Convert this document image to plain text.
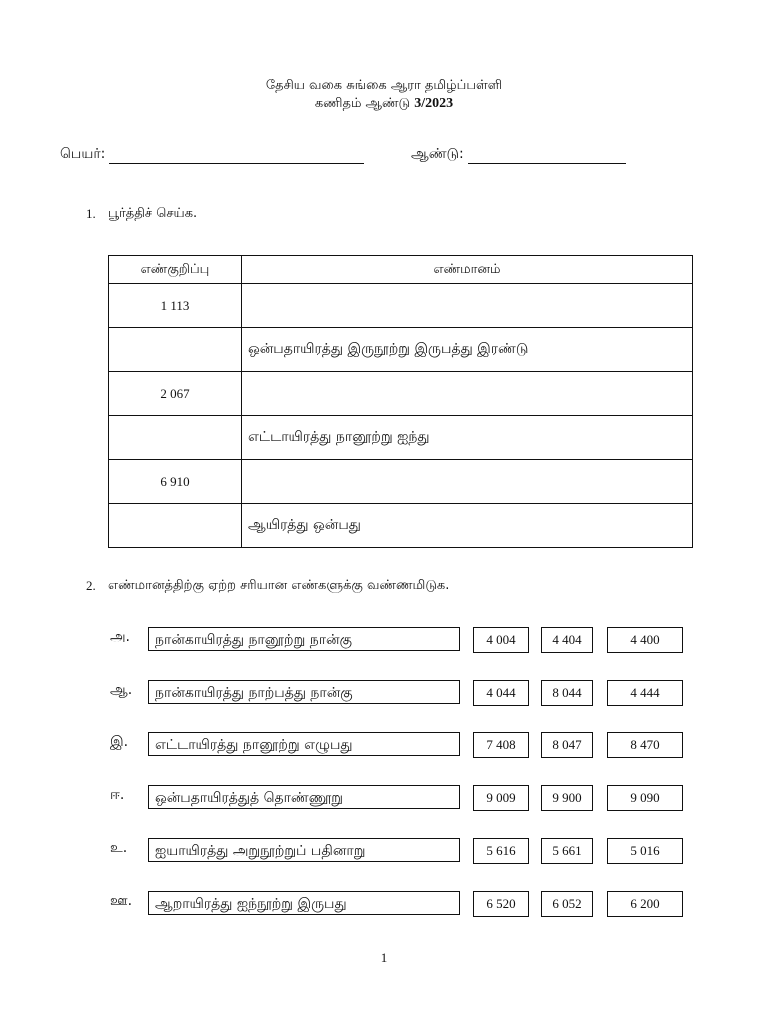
தேசிய வகை சுங்கை ஆரா தமிழ்ப்பள்ளி
கணிதம் ஆண்டு 3/2023
பெயர்:	ஆண்டு:
1. பூர்த்திச் செய்க.
எண்குறிப்பு	எண்மானம்
1 113	
	ஒன்பதாயிரத்து இருநூற்று இருபத்து இரண்டு
2 067	
	எட்டாயிரத்து நானூற்று ஐந்து
6 910	
	ஆயிரத்து ஒன்பது
2. எண்மானத்திற்கு ஏற்ற சரியான எண்களுக்கு வண்ணமிடுக.
அ.	நான்காயிரத்து நானூற்று நான்கு	4 004	4 404	4 400
ஆ.	நான்காயிரத்து நாற்பத்து நான்கு	4 044	8 044	4 444
இ.	எட்டாயிரத்து நானூற்று எழுபது	7 408	8 047	8 470
ஈ.	ஒன்பதாயிரத்துத் தொண்ணூறு	9 009	9 900	9 090
உ.	ஐயாயிரத்து அறுநூற்றுப் பதினாறு	5 616	5 661	5 016
ஊ.	ஆறாயிரத்து ஐந்நூற்று இருபது	6 520	6 052	6 200
1
